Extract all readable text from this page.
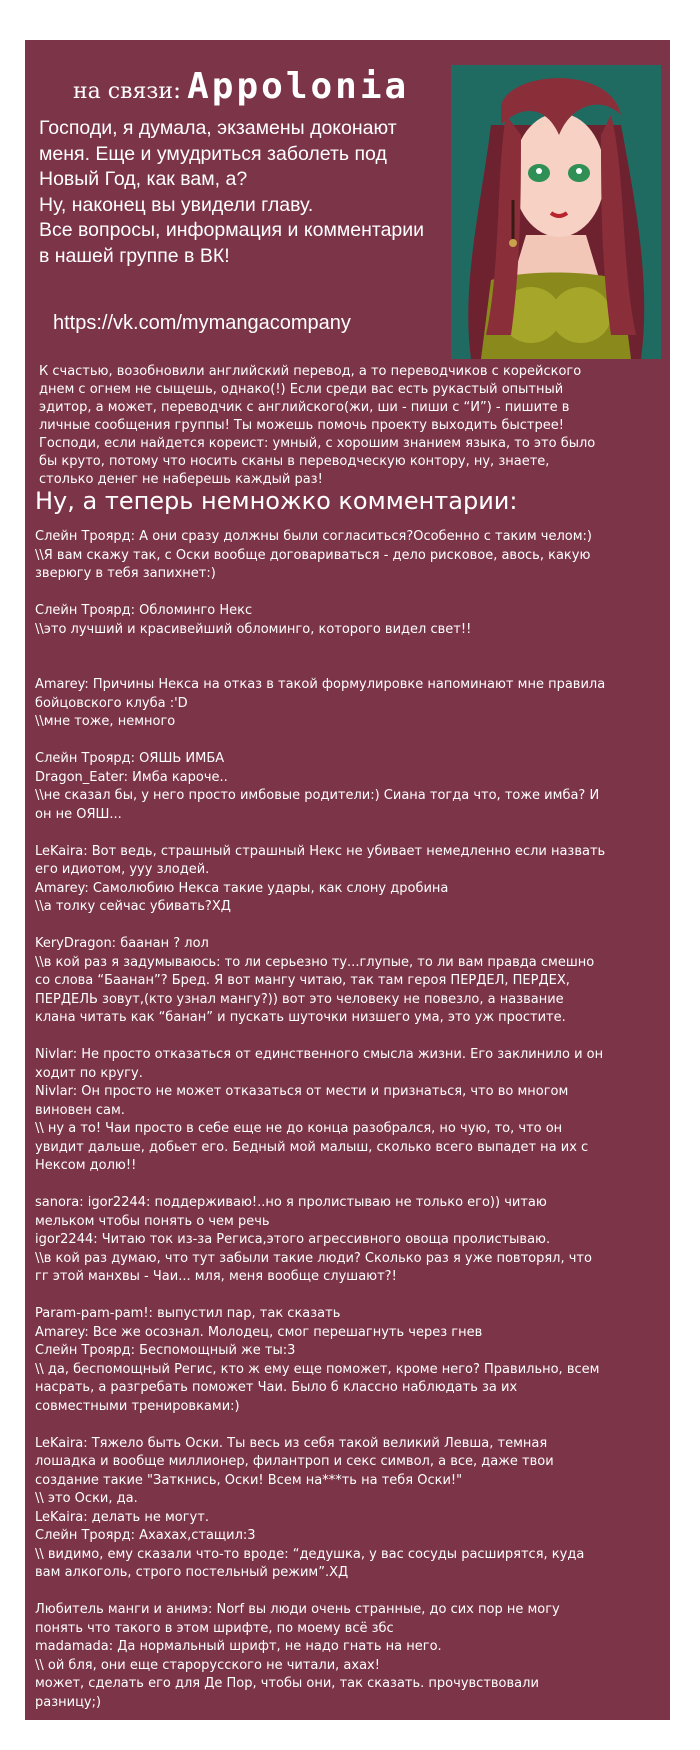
на связи: Appolonia
Господи, я думала, экзамены доконают
меня. Еще и умудриться заболеть под
Новый Год, как вам, а?
Ну, наконец вы увидели главу.
Все вопросы, информация и комментарии
в нашей группе в ВК!
https://vk.com/mymangacompany
К счастью, возобновили английский перевод, а то переводчиков с корейского
днем с огнем не сыщешь, однако(!) Если среди вас есть рукастый опытный
эдитор, а может, переводчик с английского(жи, ши - пиши с “И”) - пишите в
личные сообщения группы! Ты можешь помочь проекту выходить быстрее!
Господи, если найдется кореист: умный, с хорошим знанием языка, то это было
бы круто, потому что носить сканы в переводческую контору, ну, знаете,
столько денег не наберешь каждый раз!
Ну, а теперь немножко комментарии:
Слейн Троярд: А они сразу должны были согласиться?Особенно с таким челом:)
\\Я вам скажу так, с Оски вообще договариваться - дело рисковое, авось, какую
зверюгу в тебя запихнет:)
Слейн Троярд: Обломинго Некс
\\это лучший и красивейший обломинго, которого видел свет!!
Amarey: Причины Некса на отказ в такой формулировке напоминают мне правила
бойцовского клуба :'D
\\мне тоже, немного
Слейн Троярд: ОЯШЬ ИМБА
Dragon_Eater: Имба кароче..
\\не сказал бы, у него просто имбовые родители:) Сиана тогда что, тоже имба? И
он не ОЯШ...
LeKaira: Вот ведь, страшный страшный Некс не убивает немедленно если назвать
его идиотом, ууу злодей.
Amarey: Самолюбию Некса такие удары, как слону дробина
\\а толку сейчас убивать?ХД
KeryDragon: баанан ? лол
\\в кой раз я задумываюсь: то ли серьезно ту...глупые, то ли вам правда смешно
со слова “Баанан”? Бред. Я вот мангу читаю, так там героя ПЕРДЕЛ, ПЕРДЕХ,
ПЕРДЕЛЬ зовут,(кто узнал мангу?)) вот это человеку не повезло, а название
клана читать как “банан” и пускать шуточки низшего ума, это уж простите.
Nivlar: Не просто отказаться от единственного смысла жизни. Его заклинило и он
ходит по кругу.
Nivlar: Он просто не может отказаться от мести и признаться, что во многом
виновен сам.
\\ ну а то! Чаи просто в себе еще не до конца разобрался, но чую, то, что он
увидит дальше, добьет его. Бедный мой малыш, сколько всего выпадет на их с
Нексом долю!!
sanora: igor2244: поддерживаю!..но я пролистываю не только его)) читаю
мельком чтобы понять о чем речь
igor2244: Читаю ток из-за Региса,этого агрессивного овоща пролистываю.
\\в кой раз думаю, что тут забыли такие люди? Сколько раз я уже повторял, что
гг этой манхвы - Чаи... мля, меня вообще слушают?!
Param-pam-pam!: выпустил пар, так сказать
Amarey: Все же осознал. Молодец, смог перешагнуть через гнев
Слейн Троярд: Беспомощный же ты:3
\\ да, беспомощный Регис, кто ж ему еще поможет, кроме него? Правильно, всем
насрать, а разгребать поможет Чаи. Было б классно наблюдать за их
совместными тренировками:)
LeKaira: Тяжело быть Оски. Ты весь из себя такой великий Левша, темная
лошадка и вообще миллионер, филантроп и секс символ, а все, даже твои
создание такие "Заткнись, Оски! Всем на***ть на тебя Оски!"
\\ это Оски, да.
LeKaira: делать не могут.
Слейн Троярд: Ахахах,стащил:3
\\ видимо, ему сказали что-то вроде: “дедушка, у вас сосуды расширятся, куда
вам алкоголь, строго постельный режим”.ХД
Любитель манги и анимэ: Norf вы люди очень странные, до сих пор не могу
понять что такого в этом шрифте, по моему всё збс
madamada: Да нормальный шрифт, не надо гнать на него.
\\ ой бля, они еще старорусского не читали, ахах!
может, сделать его для Де Пор, чтобы они, так сказать. прочувствовали
разницу;)
